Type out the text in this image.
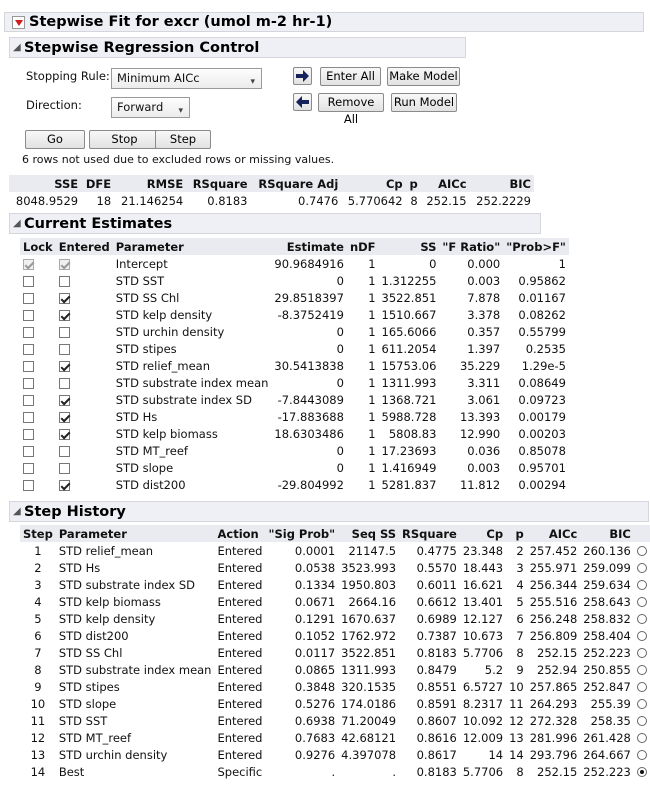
Stepwise Fit for excr (umol m-2 hr-1)
◢ Stepwise Regression Control
Stopping Rule: Minimum AICc	▾
Direction:	Forward ▾
Enter All	Make Model
Remove All
Run Model
Go	Stop	Step
6 rows not used due to excluded rows or missing values.
SSE	DFE	RMSE	RSquare	RSquare Adj	Cp	p	AICc	BIC
8048.9529	18	21.146254	0.8183	0.7476	5.770642	8	252.15	252.2229
◢ Current Estimates
Lock	Entered	Parameter	Estimate	nDF	SS	"F Ratio"	"Prob>F"
		Intercept	90.9684916	1	0	0.000	1
		STD SST	0	1	1.312255	0.003	0.95862
		STD SS Chl	29.8518397	1	3522.851	7.878	0.01167
		STD kelp density	-8.3752419	1	1510.667	3.378	0.08262
		STD urchin density	0	1	165.6066	0.357	0.55799
		STD stipes	0	1	611.2054	1.397	0.2535
		STD relief_mean	30.5413838	1	15753.06	35.229	1.29e-5
		STD substrate index mean	0	1	1311.993	3.311	0.08649
		STD substrate index SD	-7.8443089	1	1368.721	3.061	0.09723
		STD Hs	-17.883688	1	5988.728	13.393	0.00179
		STD kelp biomass	18.6303486	1	5808.83	12.990	0.00203
		STD MT_reef	0	1	17.23693	0.036	0.85078
		STD slope	0	1	1.416949	0.003	0.95701
		STD dist200	-29.804992	1	5281.837	11.812	0.00294
◢ Step History
Step	Parameter	Action	"Sig Prob"	Seq SS	RSquare	Cp	p	AICc	BIC	
1	STD relief_mean	Entered	0.0001	21147.5	0.4775	23.348	2	257.452	260.136	
2	STD Hs	Entered	0.0538	3523.993	0.5570	18.443	3	255.971	259.099	
3	STD substrate index SD	Entered	0.1334	1950.803	0.6011	16.621	4	256.344	259.634	
4	STD kelp biomass	Entered	0.0671	2664.16	0.6612	13.401	5	255.516	258.643	
5	STD kelp density	Entered	0.1291	1670.637	0.6989	12.127	6	256.248	258.832	
6	STD dist200	Entered	0.1052	1762.972	0.7387	10.673	7	256.809	258.404	
7	STD SS Chl	Entered	0.0117	3522.851	0.8183	5.7706	8	252.15	252.223	
8	STD substrate index mean	Entered	0.0865	1311.993	0.8479	5.2	9	252.94	250.855	
9	STD stipes	Entered	0.3848	320.1535	0.8551	6.5727	10	257.865	252.847	
10	STD slope	Entered	0.5276	174.0186	0.8591	8.2317	11	264.293	255.39	
11	STD SST	Entered	0.6938	71.20049	0.8607	10.092	12	272.328	258.35	
12	STD MT_reef	Entered	0.7683	42.68121	0.8616	12.009	13	281.996	261.428	
13	STD urchin density	Entered	0.9276	4.397078	0.8617	14	14	293.796	264.667	
14	Best	Specific	.	.	0.8183	5.7706	8	252.15	252.223	
